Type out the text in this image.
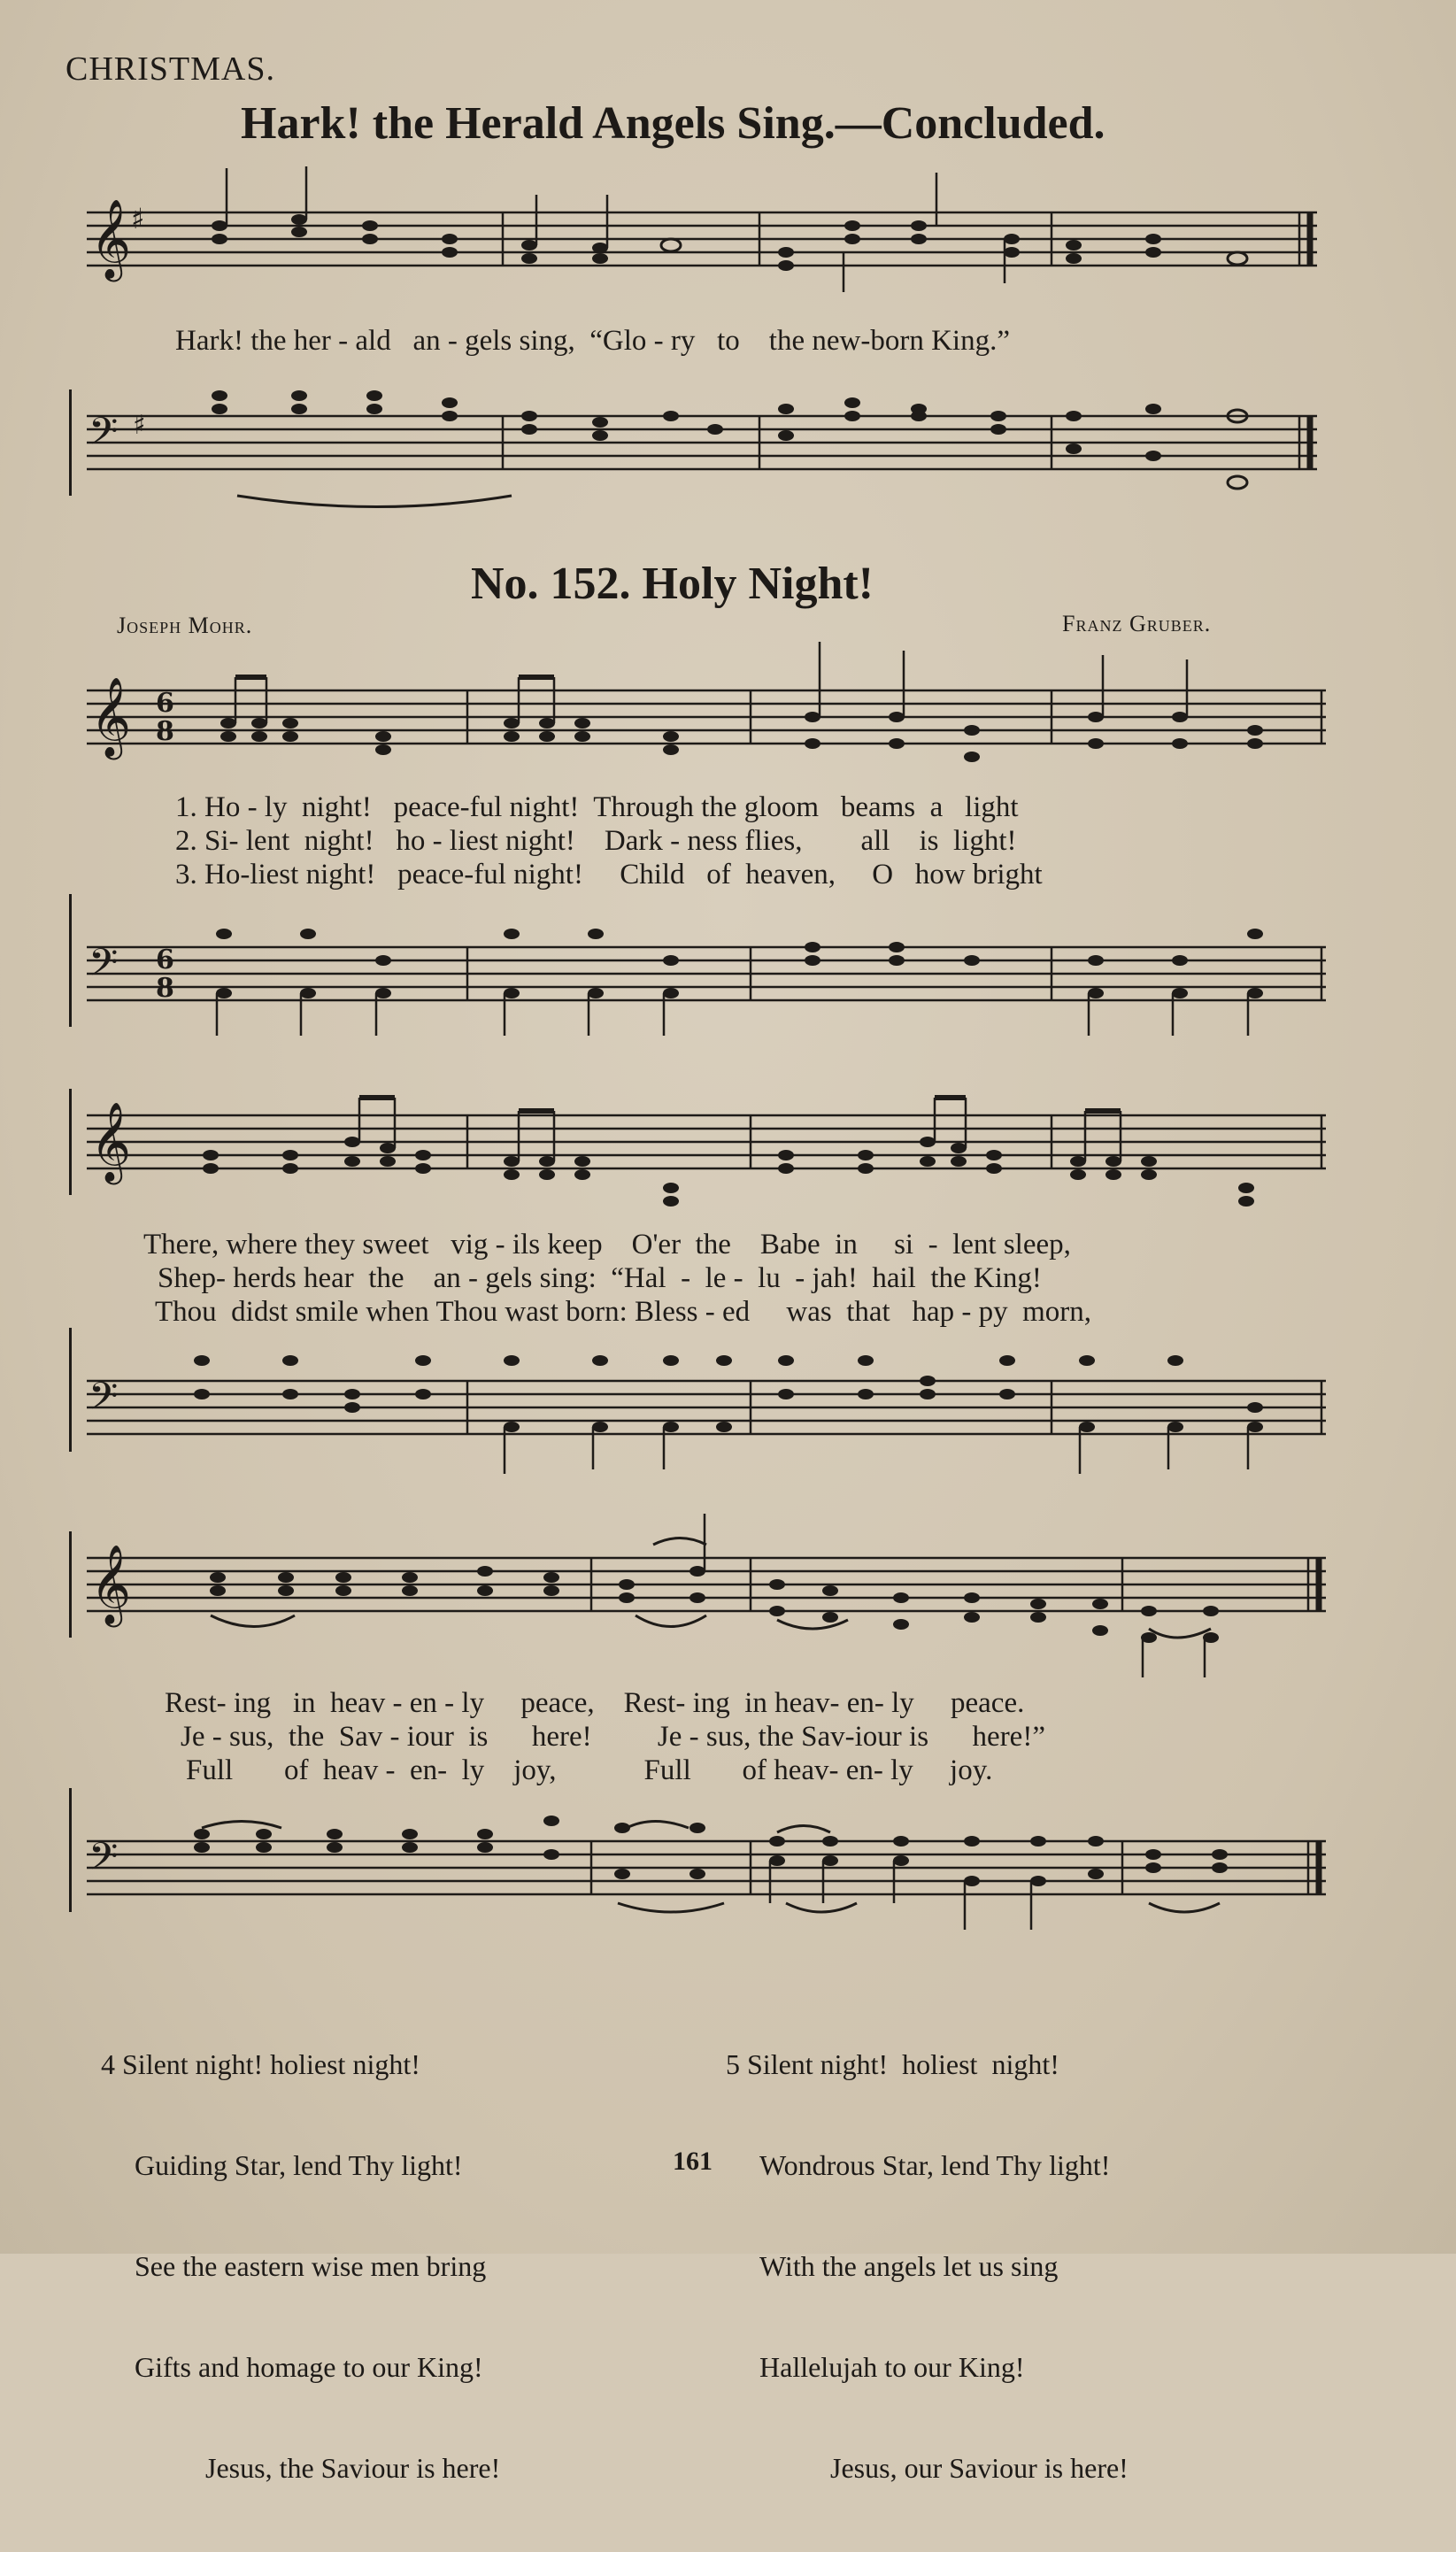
CHRISTMAS.
Hark! the Herald Angels Sing.—Concluded.
𝄞 ♯
Hark! the her - ald   an - gels sing,  “Glo - ry   to    the new-born King.”
𝄢 ♯
No. 152. Holy Night!
Joseph Mohr.	Franz Gruber.
𝄞 6
8
1. Ho - ly  night!   peace-ful night!  Through the gloom   beams  a   light
2. Si- lent  night!   ho - liest night!    Dark - ness flies,        all    is  light!
3. Ho-liest night!   peace-ful night!     Child   of  heaven,     O   how bright
𝄢 6
8
𝄞
There, where they sweet   vig - ils keep    O'er  the    Babe  in     si  -  lent sleep,
Shep- herds hear  the    an - gels sing:  “Hal  -  le -  lu  - jah!  hail  the King!
Thou  didst smile when Thou wast born: Bless - ed     was  that   hap - py  morn,
𝄢
𝄞
Rest- ing   in  heav - en - ly     peace,    Rest- ing  in heav- en- ly     peace.
Je - sus,  the  Sav - iour  is      here!         Je - sus, the Sav-iour is      here!”
Full       of  heav -  en-  ly    joy,            Full       of heav- en- ly     joy.
𝄢

4 Silent night! holiest night!

Guiding Star, lend Thy light!

See the eastern wise men bring

Gifts and homage to our King!

Jesus, the Saviour is here!

5 Silent night!  holiest  night!

Wondrous Star, lend Thy light!

With the angels let us sing

Hallelujah to our King!

Jesus, our Saviour is here!

161
